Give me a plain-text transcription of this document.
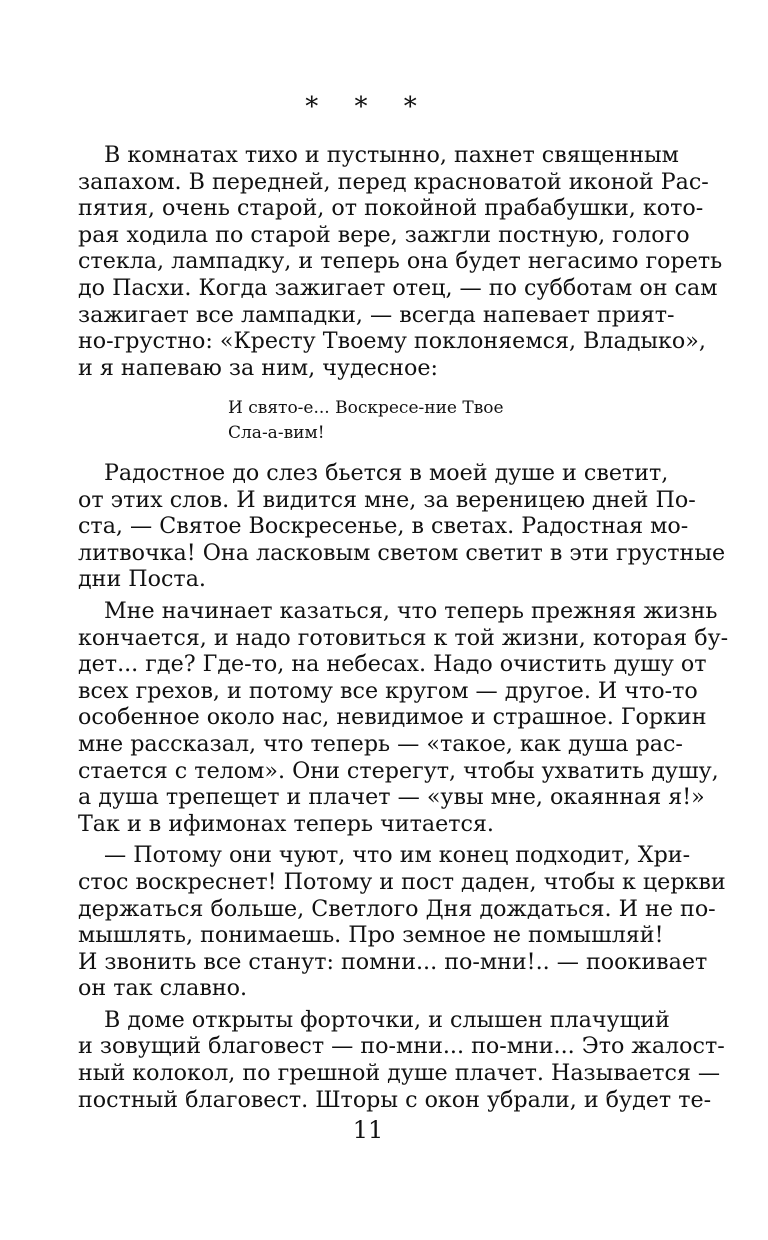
* * *
В комнатах тихо и пустынно, пахнет священным
запахом. В передней, перед красноватой иконой Рас-
пятия, очень старой, от покойной прабабушки, кото-
рая ходила по старой вере, зажгли постную, голого
стекла, лампадку, и теперь она будет негасимо гореть
до Пасхи. Когда зажигает отец, — по субботам он сам
зажигает все лампадки, — всегда напевает прият-
но-грустно: «Кресту Твоему поклоняемся, Владыко»,
и я напеваю за ним, чудесное:
И свято-е... Воскресе-ние Твое
Сла-а-вим!

Радостное до слез бьется в моей душе и светит,
от этих слов. И видится мне, за вереницею дней По-
ста, — Святое Воскресенье, в светах. Радостная мо-
литвочка! Она ласковым светом светит в эти грустные
дни Поста.

Мне начинает казаться, что теперь прежняя жизнь
кончается, и надо готовиться к той жизни, которая бу-
дет... где? Где-то, на небесах. Надо очистить душу от
всех грехов, и потому все кругом — другое. И что-то
особенное около нас, невидимое и страшное. Горкин
мне рассказал, что теперь — «такое, как душа рас-
стается с телом». Они стерегут, чтобы ухватить душу,
а душа трепещет и плачет — «увы мне, окаянная я!»
Так и в ифимонах теперь читается.

— Потому они чуют, что им конец подходит, Хри-
стос воскреснет! Потому и пост даден, чтобы к церкви
держаться больше, Светлого Дня дождаться. И не по-
мышлять, понимаешь. Про земное не помышляй!
И звонить все станут: помни... по-мни!.. — поокивает
он так славно.

В доме открыты форточки, и слышен плачущий
и зовущий благовест — по-мни... по-мни... Это жалост-
ный колокол, по грешной душе плачет. Называется —
постный благовест. Шторы с окон убрали, и будет те-

11
